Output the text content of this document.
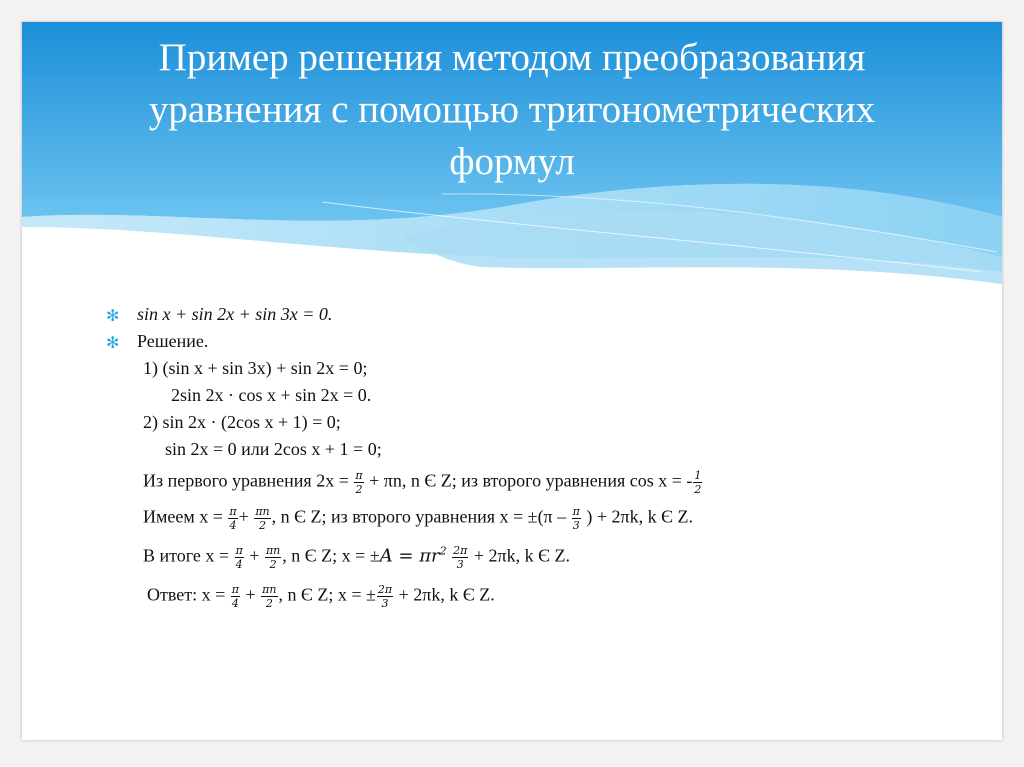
Пример решения методом преобразования
уравнения с помощью тригонометрических
формул
✻ sin x + sin 2x + sin 3x = 0.
✻ Решение.
1) (sin x + sin 3x) + sin 2x = 0;
2sin 2x · cos x + sin 2x = 0.
2) sin 2x · (2cos x + 1) = 0;
sin 2x = 0 или 2cos x + 1 = 0;
Из первого уравнения $2x = \frac{\pi}{2} + \pi n$, n Є Z; из второго уравнения cos x = - $\frac{1}{2}$
Имеем $x = \frac{\pi}{4} + \frac{\pi n}{2}$ , n Є Z; из второго уравнения $x = \pm(\pi - \frac{\pi}{3}$ ) + 2πk, k Є Z.
В итоге $x = \frac{\pi}{4} + \frac{\pi n}{2}$ , n Є Z; $x = \pm A = \pi r^2 \frac{2\pi}{3} + 2\pi k$, k Є Z.
Ответ: $x = \frac{\pi}{4} + \frac{\pi n}{2}$ , n Є Z; x = ± $\frac{2\pi}{3} + 2\pi k$, k Є Z.
